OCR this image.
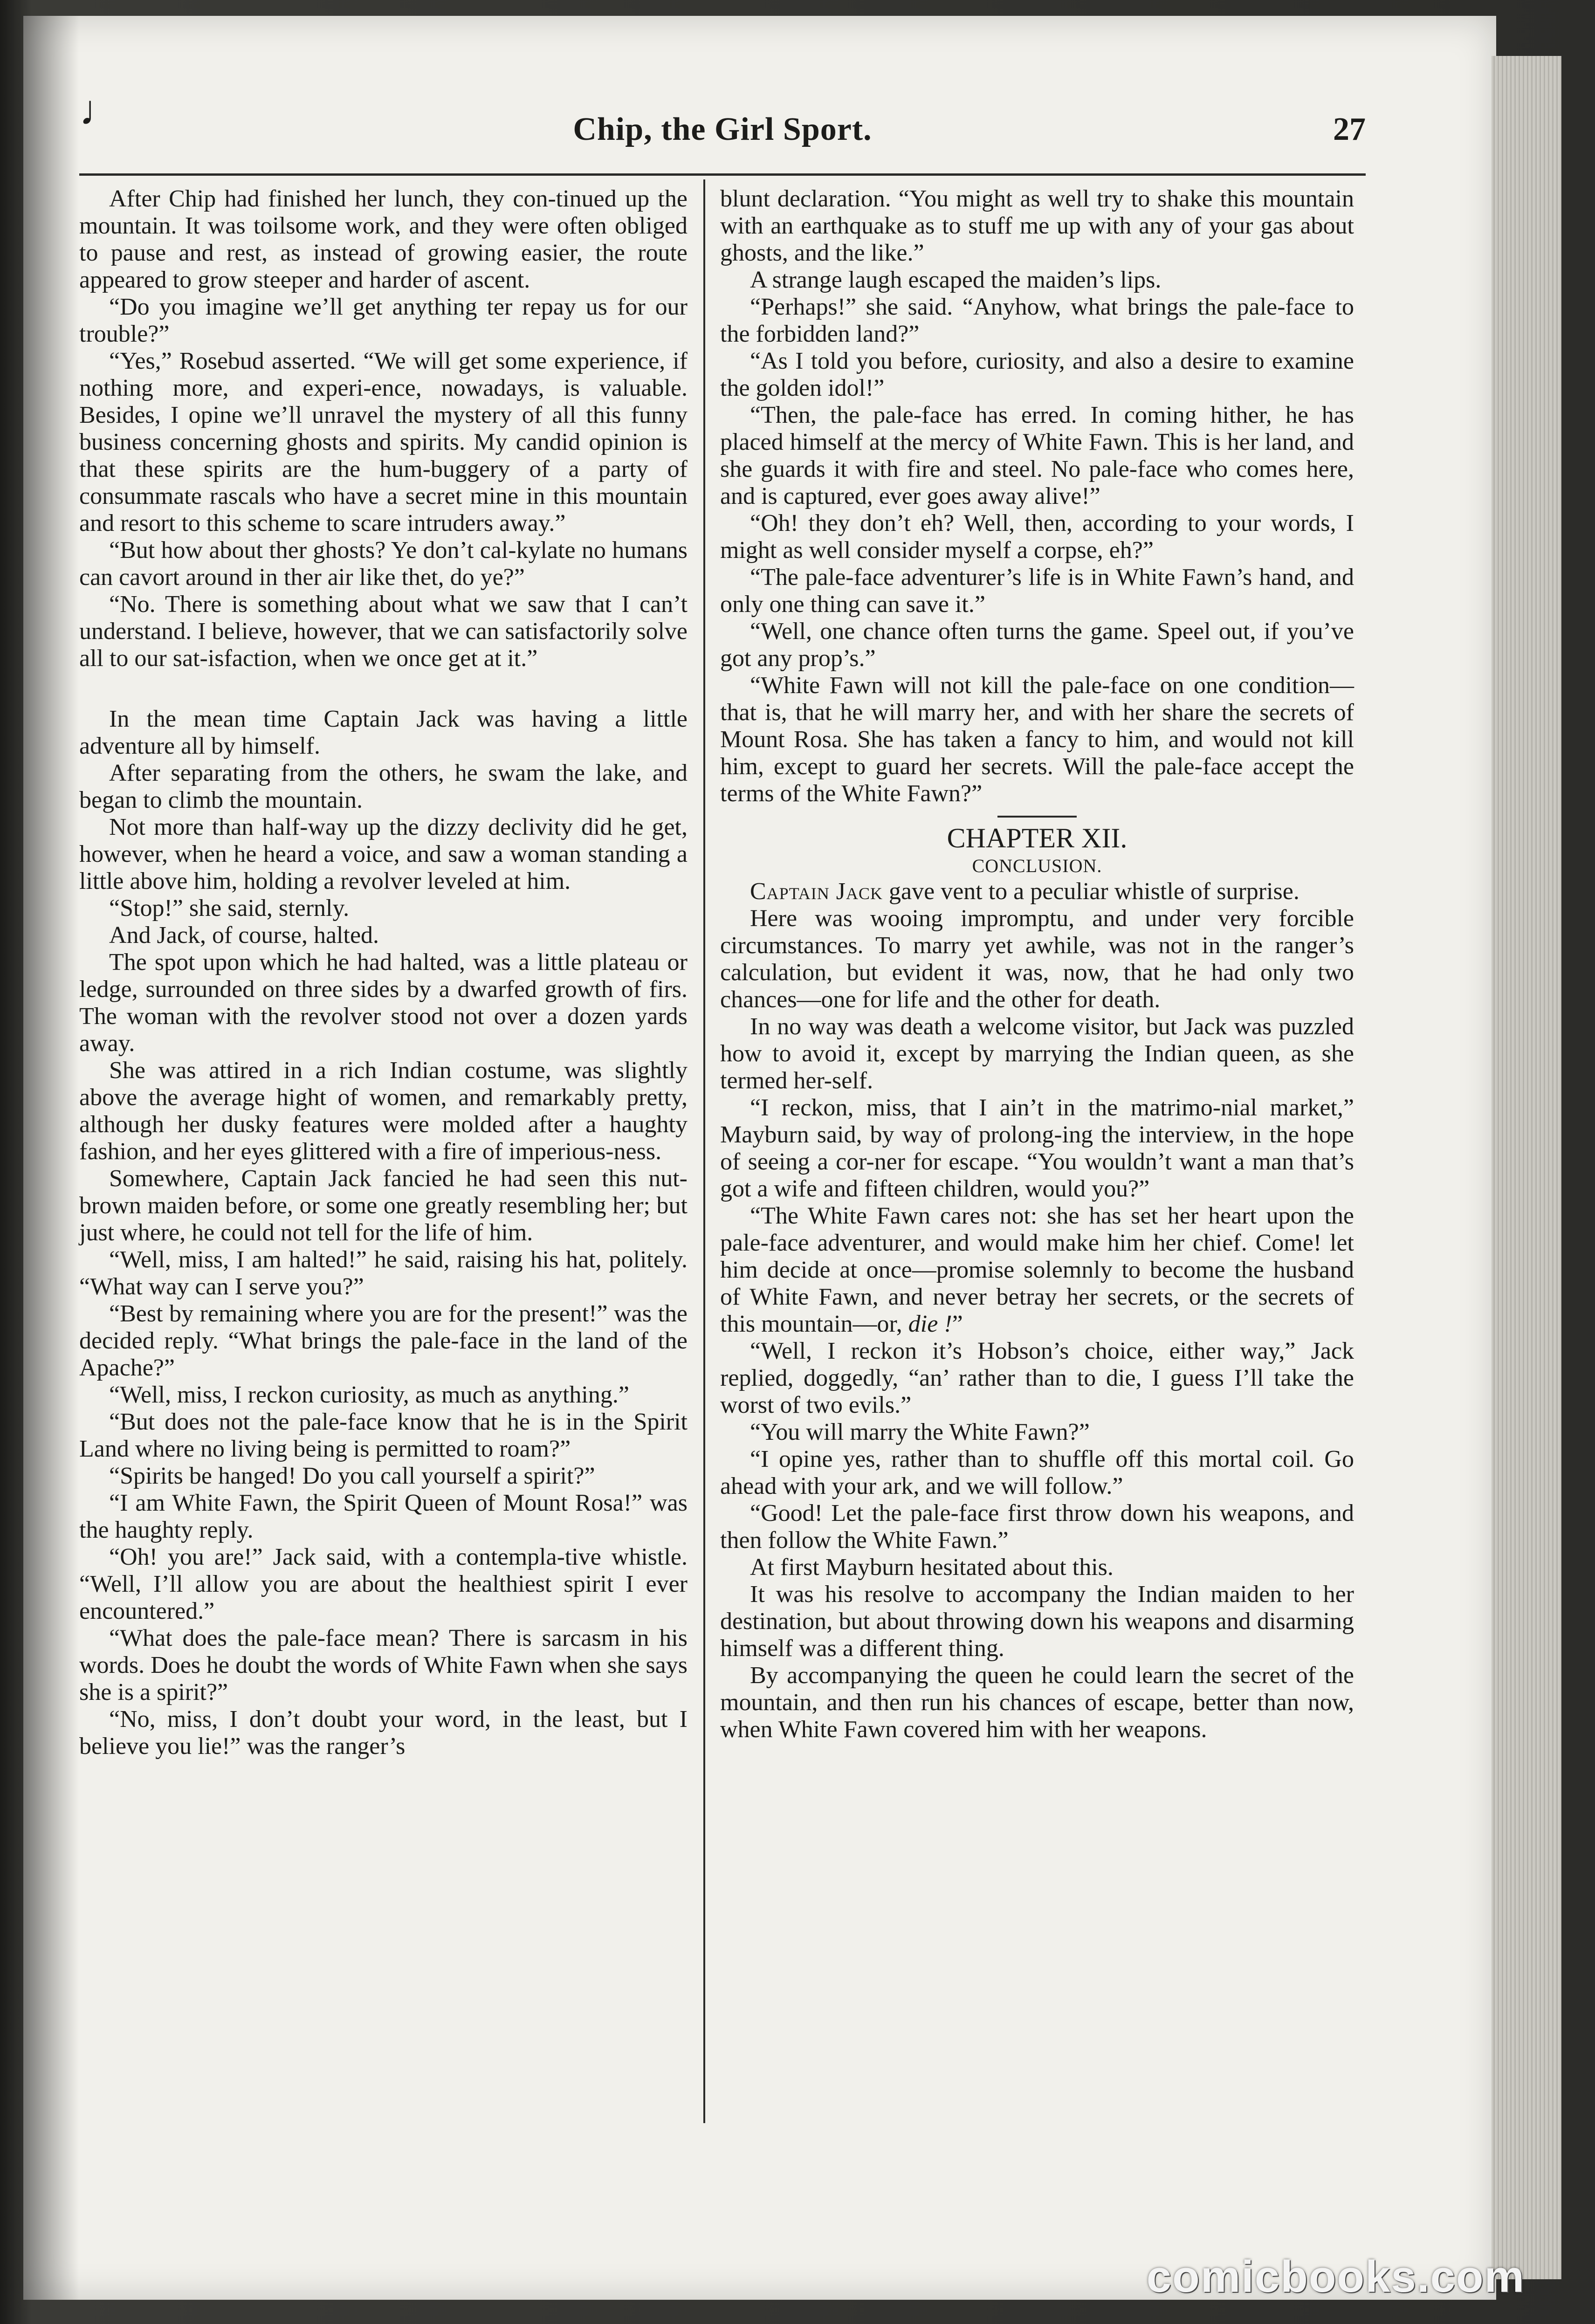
♩	Chip, the Girl Sport.	27

After Chip had finished her lunch, they con-tinued up the mountain. It was toilsome work, and they were often obliged to pause and rest, as instead of growing easier, the route appeared to grow steeper and harder of ascent.

“Do you imagine we’ll get anything ter repay us for our trouble?”

“Yes,” Rosebud asserted. “We will get some experience, if nothing more, and experi-ence, nowadays, is valuable. Besides, I opine we’ll unravel the mystery of all this funny business concerning ghosts and spirits. My candid opinion is that these spirits are the hum-buggery of a party of consummate rascals who have a secret mine in this mountain and resort to this scheme to scare intruders away.”

“But how about ther ghosts? Ye don’t cal-kylate no humans can cavort around in ther air like thet, do ye?”

“No. There is something about what we saw that I can’t understand. I believe, however, that we can satisfactorily solve all to our sat-isfaction, when we once get at it.”

In the mean time Captain Jack was having a little adventure all by himself.

After separating from the others, he swam the lake, and began to climb the mountain.

Not more than half-way up the dizzy declivity did he get, however, when he heard a voice, and saw a woman standing a little above him, holding a revolver leveled at him.

“Stop!” she said, sternly.

And Jack, of course, halted.

The spot upon which he had halted, was a little plateau or ledge, surrounded on three sides by a dwarfed growth of firs. The woman with the revolver stood not over a dozen yards away.

She was attired in a rich Indian costume, was slightly above the average hight of women, and remarkably pretty, although her dusky features were molded after a haughty fashion, and her eyes glittered with a fire of imperious-ness.

Somewhere, Captain Jack fancied he had seen this nut-brown maiden before, or some one greatly resembling her; but just where, he could not tell for the life of him.

“Well, miss, I am halted!” he said, raising his hat, politely. “What way can I serve you?”

“Best by remaining where you are for the present!” was the decided reply. “What brings the pale-face in the land of the Apache?”

“Well, miss, I reckon curiosity, as much as anything.”

“But does not the pale-face know that he is in the Spirit Land where no living being is permitted to roam?”

“Spirits be hanged! Do you call yourself a spirit?”

“I am White Fawn, the Spirit Queen of Mount Rosa!” was the haughty reply.

“Oh! you are!” Jack said, with a contempla-tive whistle. “Well, I’ll allow you are about the healthiest spirit I ever encountered.”

“What does the pale-face mean? There is sarcasm in his words. Does he doubt the words of White Fawn when she says she is a spirit?”

“No, miss, I don’t doubt your word, in the least, but I believe you lie!” was the ranger’s

blunt declaration. “You might as well try to shake this mountain with an earthquake as to stuff me up with any of your gas about ghosts, and the like.”

A strange laugh escaped the maiden’s lips.

“Perhaps!” she said. “Anyhow, what brings the pale-face to the forbidden land?”

“As I told you before, curiosity, and also a desire to examine the golden idol!”

“Then, the pale-face has erred. In coming hither, he has placed himself at the mercy of White Fawn. This is her land, and she guards it with fire and steel. No pale-face who comes here, and is captured, ever goes away alive!”

“Oh! they don’t eh? Well, then, according to your words, I might as well consider myself a corpse, eh?”

“The pale-face adventurer’s life is in White Fawn’s hand, and only one thing can save it.”

“Well, one chance often turns the game. Speel out, if you’ve got any prop’s.”

“White Fawn will not kill the pale-face on one condition—that is, that he will marry her, and with her share the secrets of Mount Rosa. She has taken a fancy to him, and would not kill him, except to guard her secrets. Will the pale-face accept the terms of the White Fawn?”

CHAPTER XII.
CONCLUSION.

Captain Jack gave vent to a peculiar whistle of surprise.

Here was wooing impromptu, and under very forcible circumstances. To marry yet awhile, was not in the ranger’s calculation, but evident it was, now, that he had only two chances—one for life and the other for death.

In no way was death a welcome visitor, but Jack was puzzled how to avoid it, except by marrying the Indian queen, as she termed her-self.

“I reckon, miss, that I ain’t in the matrimo-nial market,” Mayburn said, by way of prolong-ing the interview, in the hope of seeing a cor-ner for escape. “You wouldn’t want a man that’s got a wife and fifteen children, would you?”

“The White Fawn cares not: she has set her heart upon the pale-face adventurer, and would make him her chief. Come! let him decide at once—promise solemnly to become the husband of White Fawn, and never betray her secrets, or the secrets of this mountain—or, die !”

“Well, I reckon it’s Hobson’s choice, either way,” Jack replied, doggedly, “an’ rather than to die, I guess I’ll take the worst of two evils.”

“You will marry the White Fawn?”

“I opine yes, rather than to shuffle off this mortal coil. Go ahead with your ark, and we will follow.”

“Good! Let the pale-face first throw down his weapons, and then follow the White Fawn.”

At first Mayburn hesitated about this.

It was his resolve to accompany the Indian maiden to her destination, but about throwing down his weapons and disarming himself was a different thing.

By accompanying the queen he could learn the secret of the mountain, and then run his chances of escape, better than now, when White Fawn covered him with her weapons.

comicbooks.com
